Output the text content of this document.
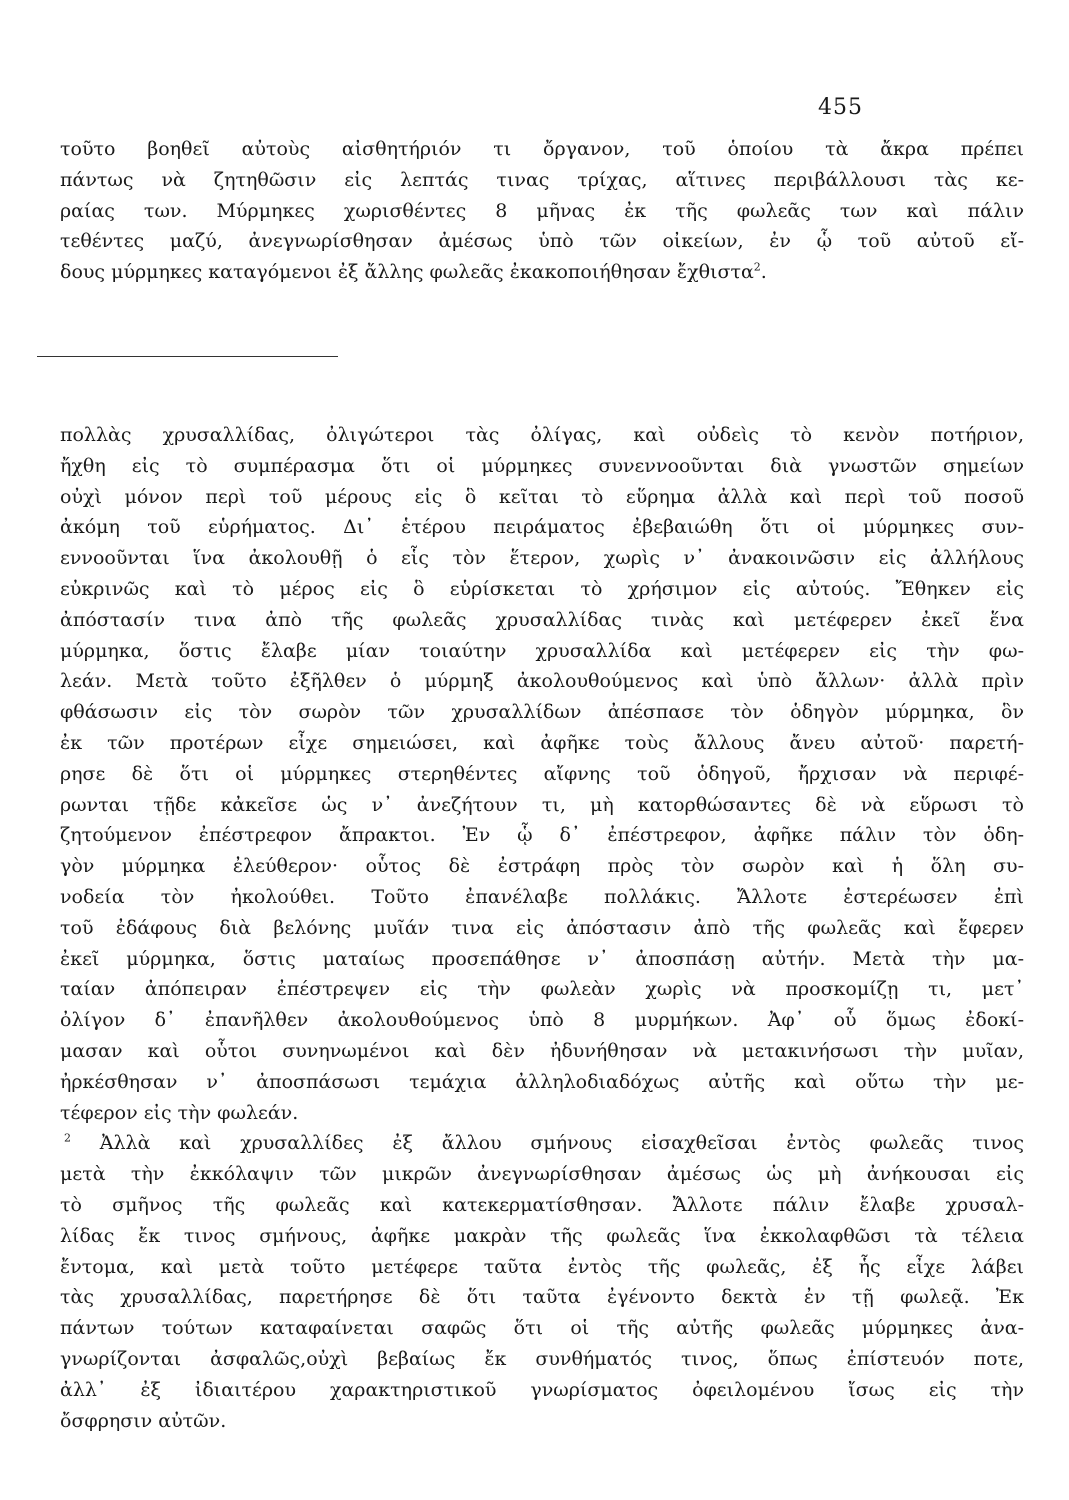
455
τοῦτο βοηθεῖ αὐτοὺς αἰσθητήριόν τι ὄργανον, τοῦ ὁποίου τὰ ἄκρα πρέπει
πάντως νὰ ζητηθῶσιν εἰς λεπτάς τινας τρίχας, αἵτινες περιβάλλουσι τὰς κε-
ραίας των. Μύρμηκες χωρισθέντες 8 μῆνας ἐκ τῆς φωλεᾶς των καὶ πάλιν
τεθέντες μαζύ, ἀνεγνωρίσθησαν ἀμέσως ὑπὸ τῶν οἰκείων, ἐν ᾧ τοῦ αὐτοῦ εἴ-
δους μύρμηκες καταγόμενοι ἐξ ἄλλης φωλεᾶς ἐκακοποιήθησαν ἔχθιστα$^2$.
πολλὰς χρυσαλλίδας, ὀλιγώτεροι τὰς ὀλίγας, καὶ οὐδεὶς τὸ κενὸν ποτήριον,
ἤχθη εἰς τὸ συμπέρασμα ὅτι οἱ μύρμηκες συνεννοοῦνται διὰ γνωστῶν σημείων
οὐχὶ μόνον περὶ τοῦ μέρους εἰς ὃ κεῖται τὸ εὕρημα ἀλλὰ καὶ περὶ τοῦ ποσοῦ
ἀκόμη τοῦ εὑρήματος. Δι᾽ ἑτέρου πειράματος ἐβεβαιώθη ὅτι οἱ μύρμηκες συν-
εννοοῦνται ἵνα ἀκολουθῇ ὁ εἷς τὸν ἕτερον, χωρὶς ν᾽ ἀνακοινῶσιν εἰς ἀλλήλους
εὐκρινῶς καὶ τὸ μέρος εἰς ὃ εὑρίσκεται τὸ χρήσιμον εἰς αὐτούς. Ἔθηκεν εἰς
ἀπόστασίν τινα ἀπὸ τῆς φωλεᾶς χρυσαλλίδας τινὰς καὶ μετέφερεν ἐκεῖ ἕνα
μύρμηκα, ὅστις ἔλαβε μίαν τοιαύτην χρυσαλλίδα καὶ μετέφερεν εἰς τὴν φω-
λεάν. Μετὰ τοῦτο ἐξῆλθεν ὁ μύρμηξ ἀκολουθούμενος καὶ ὑπὸ ἄλλων· ἀλλὰ πρὶν
φθάσωσιν εἰς τὸν σωρὸν τῶν χρυσαλλίδων ἀπέσπασε τὸν ὁδηγὸν μύρμηκα, ὃν
ἐκ τῶν προτέρων εἶχε σημειώσει, καὶ ἀφῆκε τοὺς ἄλλους ἄνευ αὐτοῦ· παρετή-
ρησε δὲ ὅτι οἱ μύρμηκες στερηθέντες αἴφνης τοῦ ὁδηγοῦ, ἤρχισαν νὰ περιφέ-
ρωνται τῇδε κἀκεῖσε ὡς ν᾽ ἀνεζήτουν τι, μὴ κατορθώσαντες δὲ νὰ εὕρωσι τὸ
ζητούμενον ἐπέστρεφον ἄπρακτοι. Ἐν ᾧ δ᾽ ἐπέστρεφον, ἀφῆκε πάλιν τὸν ὁδη-
γὸν μύρμηκα ἐλεύθερον· οὗτος δὲ ἐστράφη πρὸς τὸν σωρὸν καὶ ἡ ὅλη συ-
νοδεία τὸν ἠκολούθει. Τοῦτο ἐπανέλαβε πολλάκις. Ἄλλοτε ἐστερέωσεν ἐπὶ
τοῦ ἐδάφους διὰ βελόνης μυῖάν τινα εἰς ἀπόστασιν ἀπὸ τῆς φωλεᾶς καὶ ἔφερεν
ἐκεῖ μύρμηκα, ὅστις ματαίως προσεπάθησε ν᾽ ἀποσπάσῃ αὐτήν. Μετὰ τὴν μα-
ταίαν ἀπόπειραν ἐπέστρεψεν εἰς τὴν φωλεὰν χωρὶς νὰ προσκομίζῃ τι, μετ᾽
ὀλίγον δ᾽ ἐπανῆλθεν ἀκολουθούμενος ὑπὸ 8 μυρμήκων. Ἀφ᾽ οὗ ὅμως ἐδοκί-
μασαν καὶ οὗτοι συνηνωμένοι καὶ δὲν ἠδυνήθησαν νὰ μετακινήσωσι τὴν μυῖαν,
ἠρκέσθησαν ν᾽ ἀποσπάσωσι τεμάχια ἀλληλοδιαδόχως αὐτῆς καὶ οὕτω τὴν με-
τέφερον εἰς τὴν φωλεάν.
$^2$ Ἀλλὰ καὶ χρυσαλλίδες ἐξ ἄλλου σμήνους εἰσαχθεῖσαι ἐντὸς φωλεᾶς τινος
μετὰ τὴν ἐκκόλαψιν τῶν μικρῶν ἀνεγνωρίσθησαν ἀμέσως ὡς μὴ ἀνήκουσαι εἰς
τὸ σμῆνος τῆς φωλεᾶς καὶ κατεκερματίσθησαν. Ἄλλοτε πάλιν ἔλαβε χρυσαλ-
λίδας ἔκ τινος σμήνους, ἀφῆκε μακρὰν τῆς φωλεᾶς ἵνα ἐκκολαφθῶσι τὰ τέλεια
ἔντομα, καὶ μετὰ τοῦτο μετέφερε ταῦτα ἐντὸς τῆς φωλεᾶς, ἐξ ἧς εἶχε λάβει
τὰς χρυσαλλίδας, παρετήρησε δὲ ὅτι ταῦτα ἐγένοντο δεκτὰ ἐν τῇ φωλεᾷ. Ἐκ
πάντων τούτων καταφαίνεται σαφῶς ὅτι οἱ τῆς αὐτῆς φωλεᾶς μύρμηκες ἀνα-
γνωρίζονται ἀσφαλῶς,οὐχὶ βεβαίως ἔκ συνθήματός τινος, ὅπως ἐπίστευόν ποτε,
ἀλλ᾽ ἐξ ἰδιαιτέρου χαρακτηριστικοῦ γνωρίσματος ὀφειλομένου ἴσως εἰς τὴν
ὄσφρησιν αὐτῶν.
